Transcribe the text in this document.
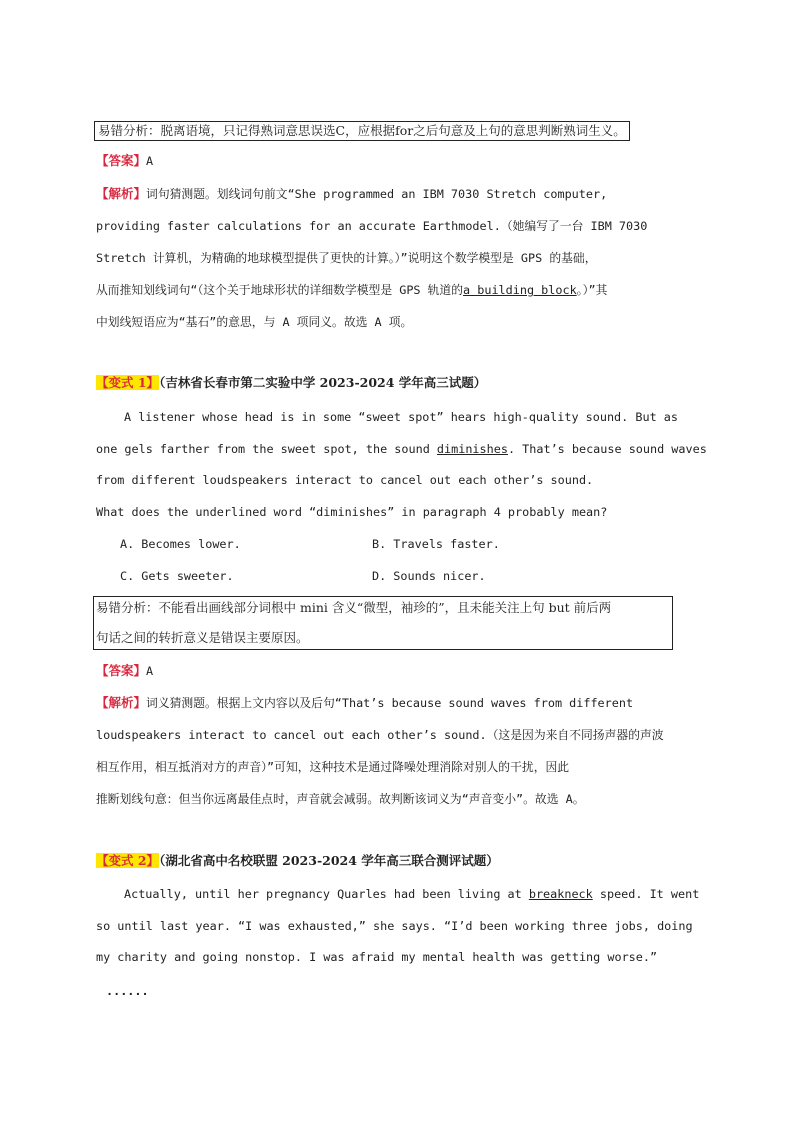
易错分析：脱离语境，只记得熟词意思误选C，应根据for之后句意及上句的意思判断熟词生义。
【答案】A
【解析】词句猜测题。划线词句前文“She programmed an IBM 7030 Stretch computer,
providing faster calculations for an accurate Earthmodel.（她编写了一台 IBM 7030
Stretch 计算机，为精确的地球模型提供了更快的计算。）”说明这个数学模型是 GPS 的基础，
从而推知划线词句“（这个关于地球形状的详细数学模型是 GPS 轨道的a building block。）”其
中划线短语应为“基石”的意思，与 A 项同义。故选 A 项。
【变式 1】（吉林省长春市第二实验中学 2023-2024 学年高三试题）
A listener whose head is in some “sweet spot” hears high-quality sound. But as
one gels farther from the sweet spot, the sound diminishes. That’s because sound waves
from different loudspeakers interact to cancel out each other’s sound.
What does the underlined word “diminishes” in paragraph 4 probably mean?
A. Becomes lower.	B. Travels faster.
C. Gets sweeter.	D. Sounds nicer.
易错分析：不能看出画线部分词根中 mini 含义“微型，袖珍的”，且未能关注上句 but 前后两
句话之间的转折意义是错误主要原因。
【答案】A
【解析】词义猜测题。根据上文内容以及后句“That’s because sound waves from different
loudspeakers interact to cancel out each other’s sound.（这是因为来自不同扬声器的声波
相互作用，相互抵消对方的声音）”可知，这种技术是通过降噪处理消除对别人的干扰，因此
推断划线句意：但当你远离最佳点时，声音就会减弱。故判断该词义为“声音变小”。故选 A。
【变式 2】（湖北省高中名校联盟 2023-2024 学年高三联合测评试题）
Actually, until her pregnancy Quarles had been living at breakneck speed. It went
so until last year. “I was exhausted,” she says. “I’d been working three jobs, doing
my charity and going nonstop. I was afraid my mental health was getting worse.”
......
